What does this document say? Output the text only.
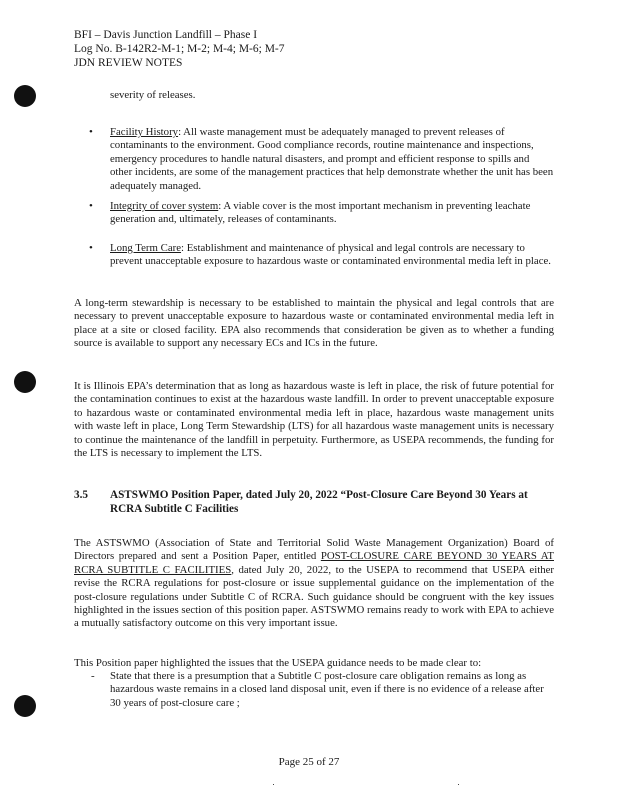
BFI – Davis Junction Landfill – Phase I
Log No. B-142R2-M-1; M-2; M-4; M-6; M-7
JDN REVIEW NOTES
severity of releases.
• Facility History: All waste management must be adequately managed to prevent releases of contaminants to the environment. Good compliance records, routine maintenance and inspections, emergency procedures to handle natural disasters, and prompt and efficient response to spills and other incidents, are some of the management practices that help demonstrate whether the unit has been adequately managed.
• Integrity of cover system: A viable cover is the most important mechanism in preventing leachate generation and, ultimately, releases of contaminants.
• Long Term Care: Establishment and maintenance of physical and legal controls are necessary to prevent unacceptable exposure to hazardous waste or contaminated environmental media left in place.
A long-term stewardship is necessary to be established to maintain the physical and legal controls that are necessary to prevent unacceptable exposure to hazardous waste or contaminated environmental media left in place at a site or closed facility. EPA also recommends that consideration be given as to whether a funding source is available to support any necessary ECs and ICs in the future.
It is Illinois EPA’s determination that as long as hazardous waste is left in place, the risk of future potential for the contamination continues to exist at the hazardous waste landfill. In order to prevent unacceptable exposure to hazardous waste or contaminated environmental media left in place, hazardous waste management units with waste left in place, Long Term Stewardship (LTS) for all hazardous waste management units is necessary to continue the maintenance of the landfill in perpetuity. Furthermore, as USEPA recommends, the funding for the LTS is necessary to implement the LTS.
3.5 ASTSWMO Position Paper, dated July 20, 2022 “Post-Closure Care Beyond 30 Years at RCRA Subtitle C Facilities
The ASTSWMO (Association of State and Territorial Solid Waste Management Organization) Board of Directors prepared and sent a Position Paper, entitled POST-CLOSURE CARE BEYOND 30 YEARS AT RCRA SUBTITLE C FACILITIES, dated July 20, 2022, to the USEPA to recommend that USEPA either revise the RCRA regulations for post-closure or issue supplemental guidance on the implementation of the post-closure regulations under Subtitle C of RCRA. Such guidance should be congruent with the key issues highlighted in the issues section of this position paper. ASTSWMO remains ready to work with EPA to achieve a mutually satisfactory outcome on this very important issue.
This Position paper highlighted the issues that the USEPA guidance needs to be made clear to:
- State that there is a presumption that a Subtitle C post-closure care obligation remains as long as hazardous waste remains in a closed land disposal unit, even if there is no evidence of a release after 30 years of post-closure care ;
Page 25 of 27
